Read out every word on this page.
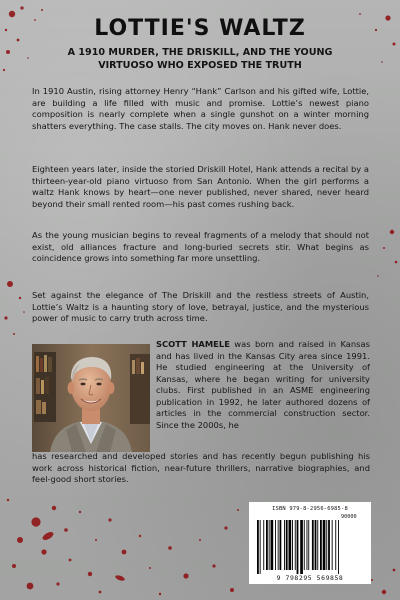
LOTTIE'S WALTZ
A 1910 MURDER, THE DRISKILL, AND THE YOUNG VIRTUOSO WHO EXPOSED THE TRUTH

In 1910 Austin, rising attorney Henry “Hank” Carlson and his gifted wife, Lottie, are building a life filled with music and promise. Lottie’s newest piano composition is nearly complete when a single gunshot on a winter morning shatters everything. The case stalls. The city moves on. Hank never does.

Eighteen years later, inside the storied Driskill Hotel, Hank attends a recital by a thirteen-year-old piano virtuoso from San Antonio. When the girl performs a waltz Hank knows by heart—one never published, never shared, never heard beyond their small rented room—his past comes rushing back.

As the young musician begins to reveal fragments of a melody that should not exist, old alliances fracture and long-buried secrets stir. What begins as coincidence grows into something far more unsettling.

Set against the elegance of The Driskill and the restless streets of Austin, Lottie’s Waltz is a haunting story of love, betrayal, justice, and the mysterious power of music to carry truth across time.

SCOTT HAMELE was born and raised in Kansas and has lived in the Kansas City area since 1991. He studied engineering at the University of Kansas, where he began writing for university clubs. First published in an ASME engineering publication in 1992, he later authored dozens of articles in the commercial construction sector. Since the 2000s, he

has researched and developed stories and has recently begun publishing his work across historical fiction, near-future thrillers, narrative biographies, and feel-good short stories.

ISBN 979-8-2956-6985-8
90000
9 798295 569858
